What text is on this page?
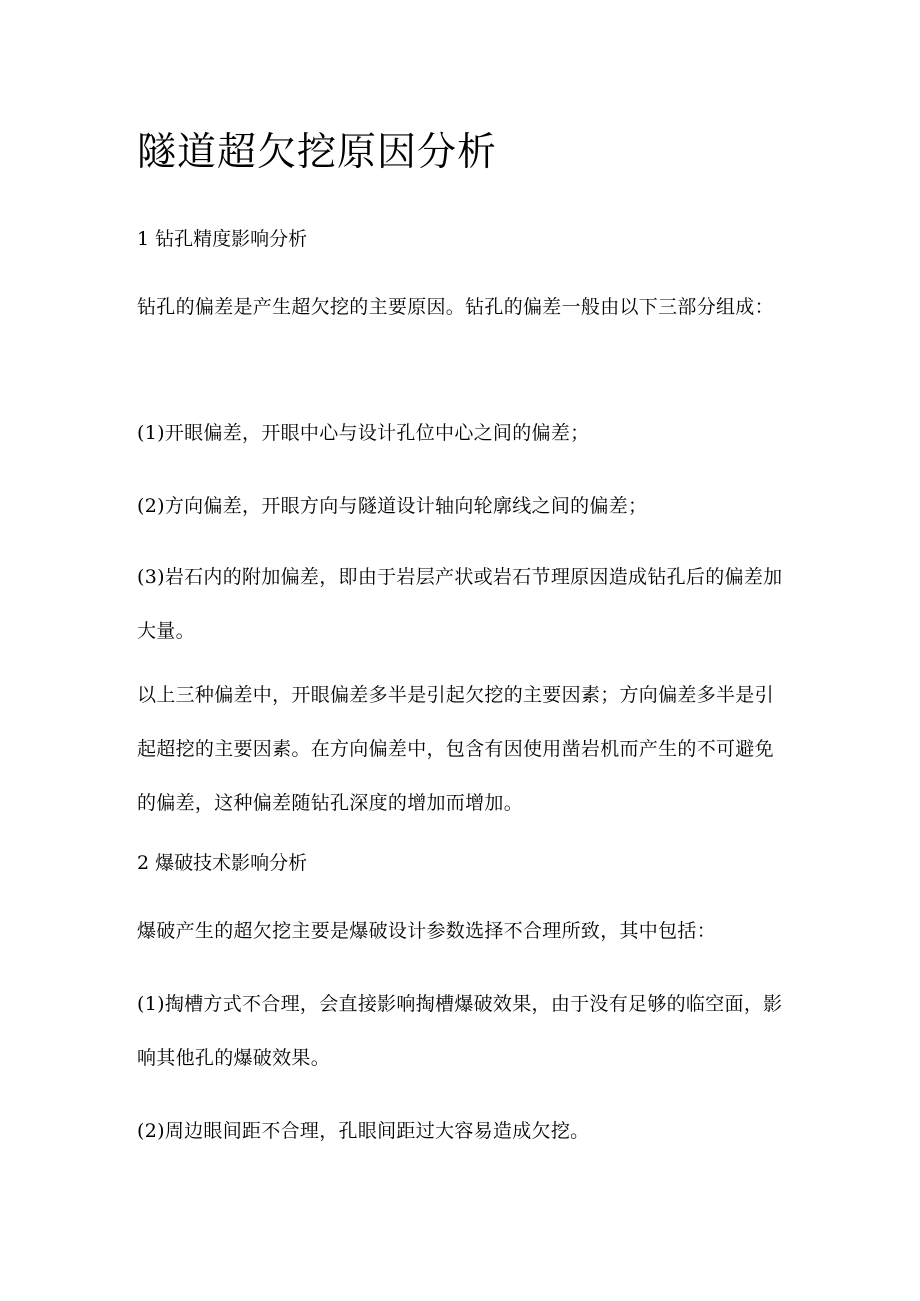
隧道超欠挖原因分析
1 钻孔精度影响分析

钻孔的偏差是产生超欠挖的主要原因。钻孔的偏差一般由以下三部分组成：

(1)开眼偏差，开眼中心与设计孔位中心之间的偏差；

(2)方向偏差，开眼方向与隧道设计轴向轮廓线之间的偏差；

(3)岩石内的附加偏差，即由于岩层产状或岩石节理原因造成钻孔后的偏差加大量。

以上三种偏差中，开眼偏差多半是引起欠挖的主要因素；方向偏差多半是引起超挖的主要因素。在方向偏差中，包含有因使用凿岩机而产生的不可避免的偏差，这种偏差随钻孔深度的增加而增加。

2 爆破技术影响分析

爆破产生的超欠挖主要是爆破设计参数选择不合理所致，其中包括：

(1)掏槽方式不合理，会直接影响掏槽爆破效果，由于没有足够的临空面，影响其他孔的爆破效果。

(2)周边眼间距不合理，孔眼间距过大容易造成欠挖。
